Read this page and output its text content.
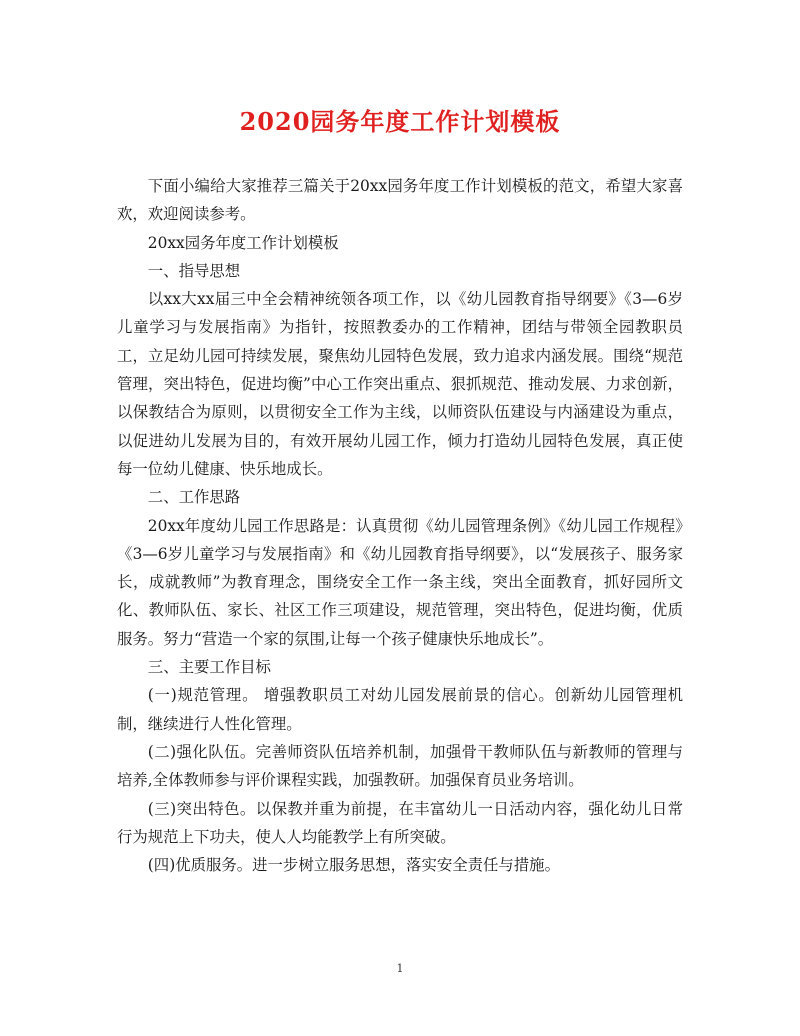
2020园务年度工作计划模板

下面小编给大家推荐三篇关于20xx园务年度工作计划模板的范文，希望大家喜欢，欢迎阅读参考。

20xx园务年度工作计划模板

一、指导思想

以xx大xx届三中全会精神统领各项工作，以《幼儿园教育指导纲要》《3—6岁儿童学习与发展指南》为指针，按照教委办的工作精神，团结与带领全园教职员工，立足幼儿园可持续发展，聚焦幼儿园特色发展，致力追求内涵发展。围绕“规范管理，突出特色，促进均衡”中心工作突出重点、狠抓规范、推动发展、力求创新，以保教结合为原则，以贯彻安全工作为主线，以师资队伍建设与内涵建设为重点，以促进幼儿发展为目的，有效开展幼儿园工作，倾力打造幼儿园特色发展，真正使每一位幼儿健康、快乐地成长。

二、工作思路

20xx年度幼儿园工作思路是：认真贯彻《幼儿园管理条例》《幼儿园工作规程》《3—6岁儿童学习与发展指南》和《幼儿园教育指导纲要》，以“发展孩子、服务家长，成就教师”为教育理念，围绕安全工作一条主线，突出全面教育，抓好园所文化、教师队伍、家长、社区工作三项建设，规范管理，突出特色，促进均衡，优质服务。努力“营造一个家的氛围,让每一个孩子健康快乐地成长”。

三、主要工作目标

(一)规范管理。 增强教职员工对幼儿园发展前景的信心。创新幼儿园管理机制，继续进行人性化管理。

(二)强化队伍。完善师资队伍培养机制，加强骨干教师队伍与新教师的管理与培养,全体教师参与评价课程实践，加强教研。加强保育员业务培训。

(三)突出特色。以保教并重为前提，在丰富幼儿一日活动内容，强化幼儿日常行为规范上下功夫，使人人均能教学上有所突破。

(四)优质服务。进一步树立服务思想，落实安全责任与措施。

1
